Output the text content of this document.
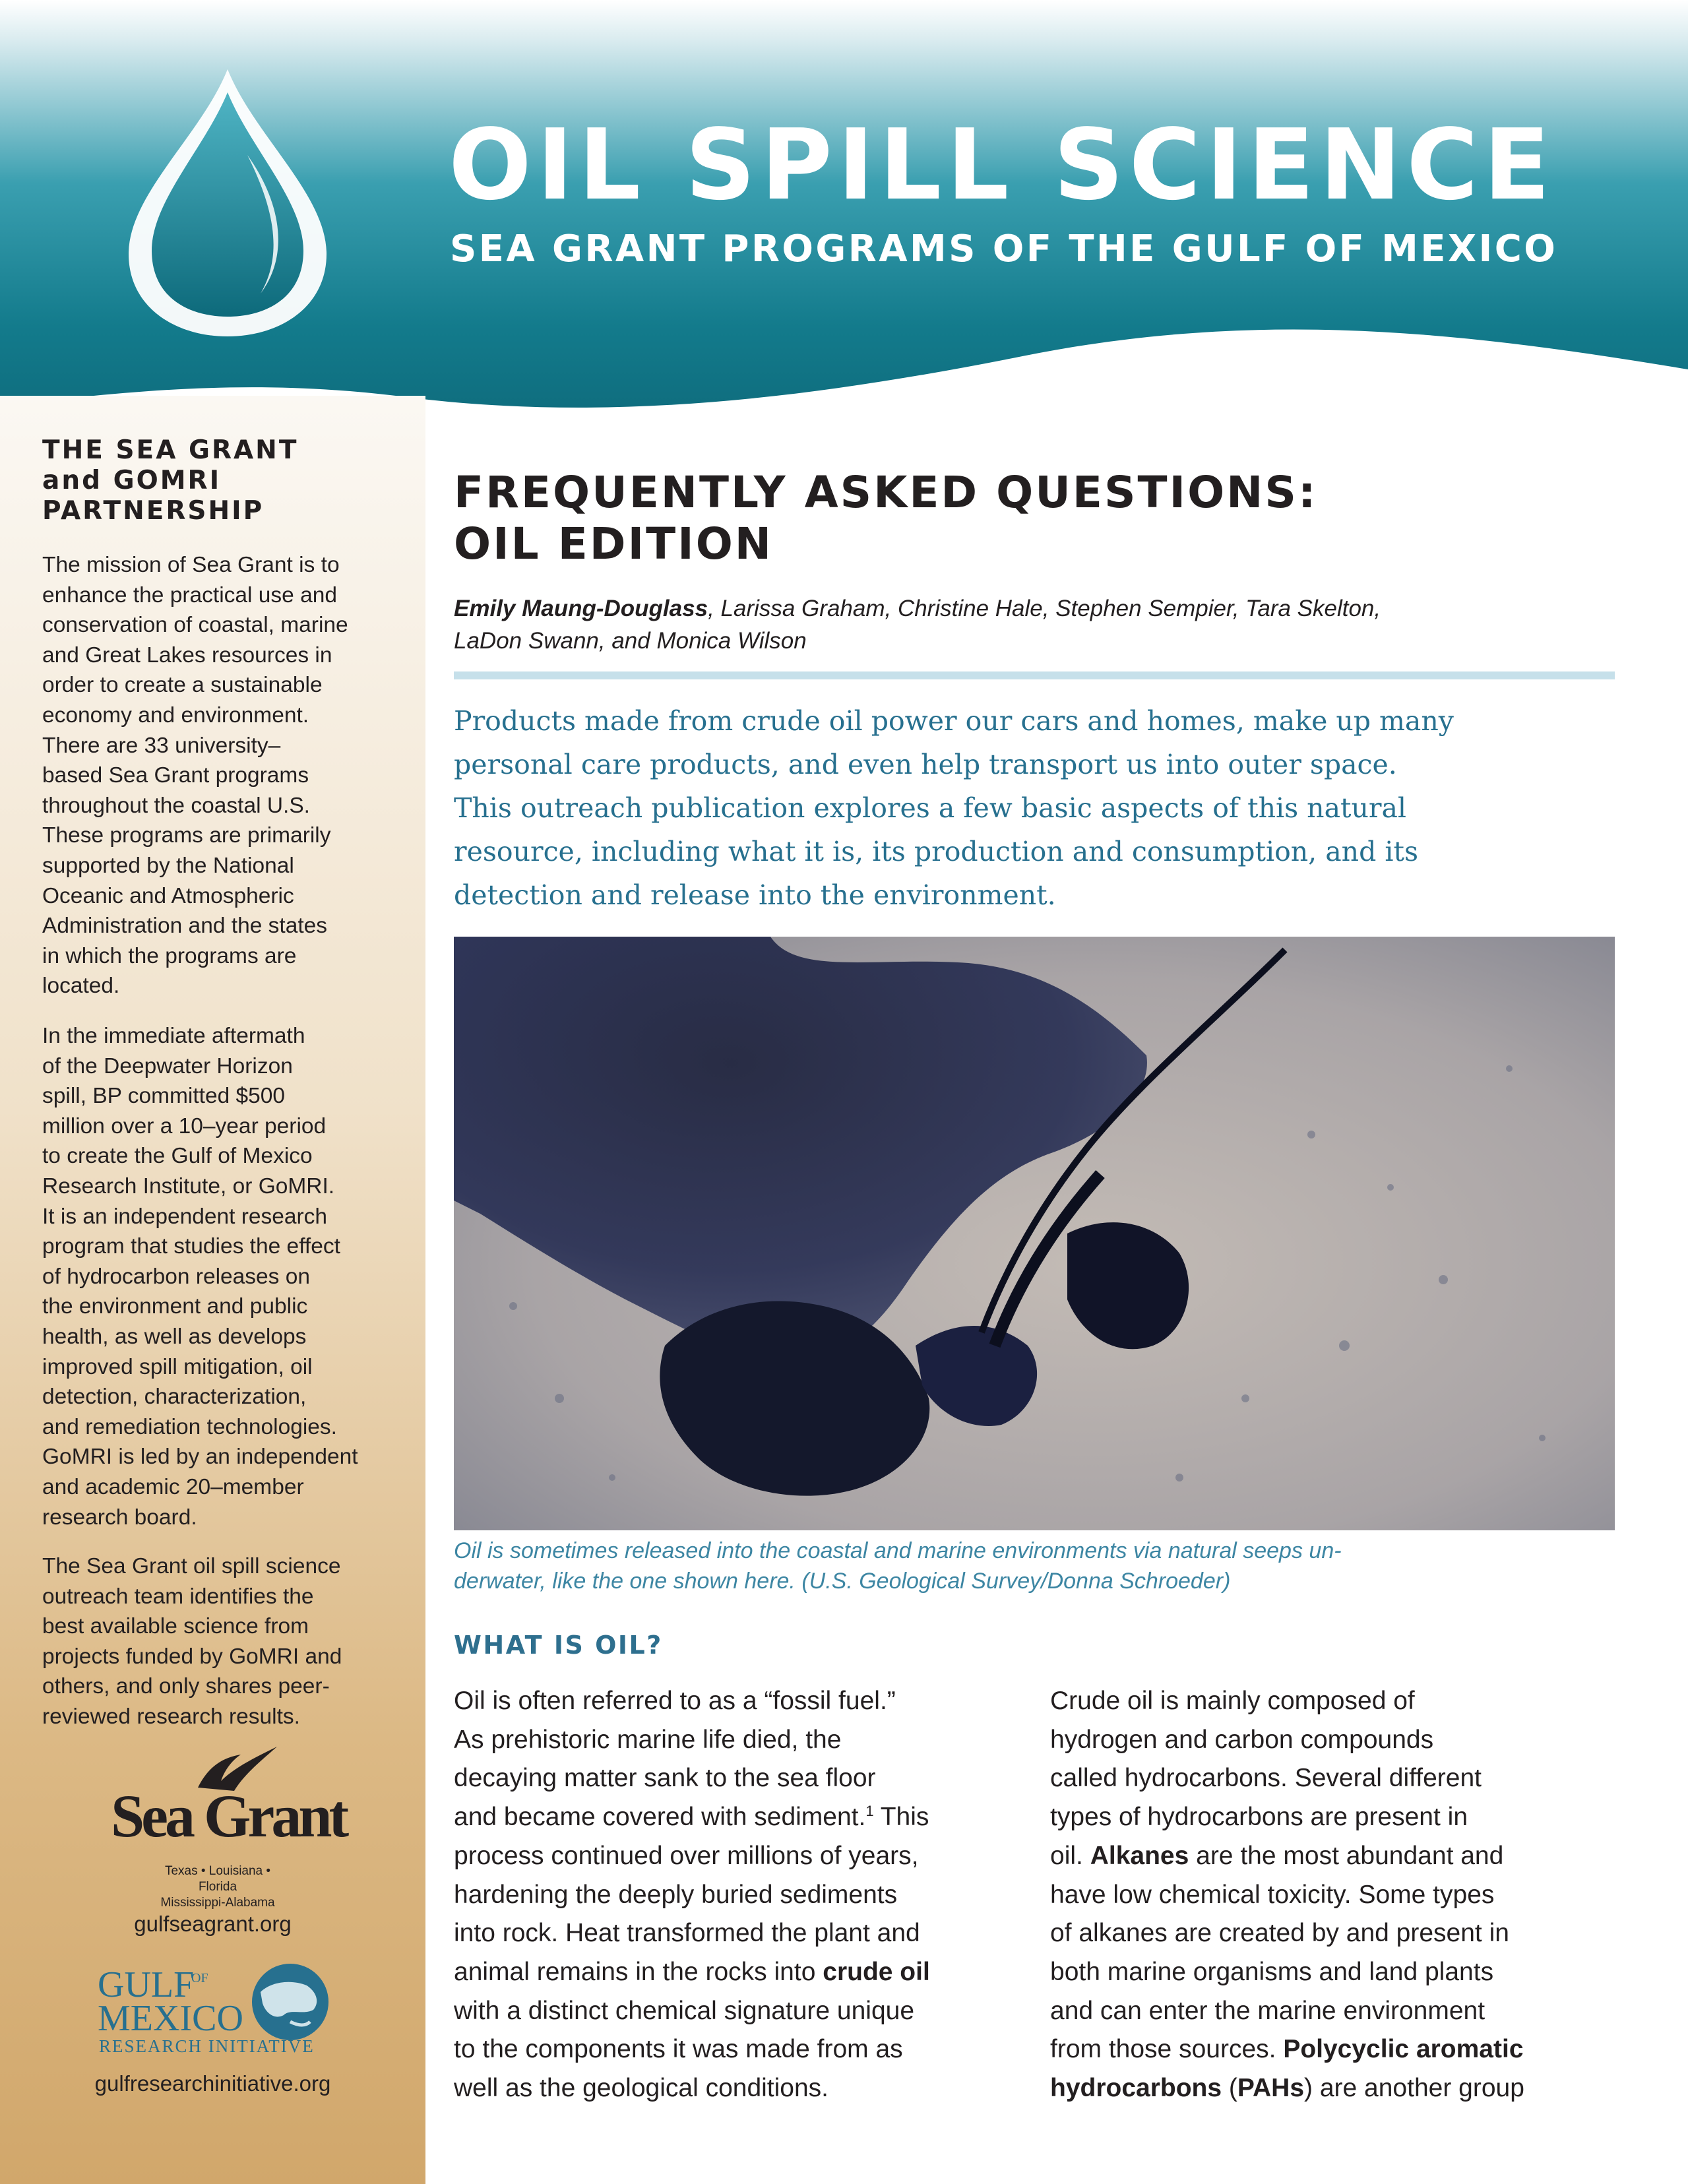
OIL SPILL SCIENCE
SEA GRANT PROGRAMS OF THE GULF OF MEXICO
THE SEA GRANT
and GOMRI
PARTNERSHIP
The mission of Sea Grant is to
enhance the practical use and
conservation of coastal, marine
and Great Lakes resources in
order to create a sustainable
economy and environment.
There are 33 university–
based Sea Grant programs
throughout the coastal U.S.
These programs are primarily
supported by the National
Oceanic and Atmospheric
Administration and the states
in which the programs are
located.
In the immediate aftermath
of the Deepwater Horizon
spill, BP committed $500
million over a 10–year period
to create the Gulf of Mexico
Research Institute, or GoMRI.
It is an independent research
program that studies the effect
of hydrocarbon releases on
the environment and public
health, as well as develops
improved spill mitigation, oil
detection, characterization,
and remediation technologies.
GoMRI is led by an independent
and academic 20–member
research board.
The Sea Grant oil spill science
outreach team identifies the
best available science from
projects funded by GoMRI and
others, and only shares peer-
reviewed research results.
Sea Grant
Texas • Louisiana • Florida
Mississippi-Alabama
gulfseagrant.org
GULF
OF
MEXICO
RESEARCH INITIATIVE
gulfresearchinitiative.org
FREQUENTLY ASKED QUESTIONS:
OIL EDITION
Emily Maung-Douglass, Larissa Graham, Christine Hale, Stephen Sempier, Tara Skelton,
LaDon Swann, and Monica Wilson
Products made from crude oil power our cars and homes, make up many
personal care products, and even help transport us into outer space.
This outreach publication explores a few basic aspects of this natural
resource, including what it is, its production and consumption, and its
detection and release into the environment.
Oil is sometimes released into the coastal and marine environments via natural seeps un-
derwater, like the one shown here. (U.S. Geological Survey/Donna Schroeder)
WHAT IS OIL?
Oil is often referred to as a “fossil fuel.”
As prehistoric marine life died, the
decaying matter sank to the sea floor
and became covered with sediment.$^1$ This
process continued over millions of years,
hardening the deeply buried sediments
into rock. Heat transformed the plant and
animal remains in the rocks into crude oil
with a distinct chemical signature unique
to the components it was made from as
well as the geological conditions.
Crude oil is mainly composed of
hydrogen and carbon compounds
called hydrocarbons. Several different
types of hydrocarbons are present in
oil. Alkanes are the most abundant and
have low chemical toxicity. Some types
of alkanes are created by and present in
both marine organisms and land plants
and can enter the marine environment
from those sources. Polycyclic aromatic
hydrocarbons (PAHs) are another group
